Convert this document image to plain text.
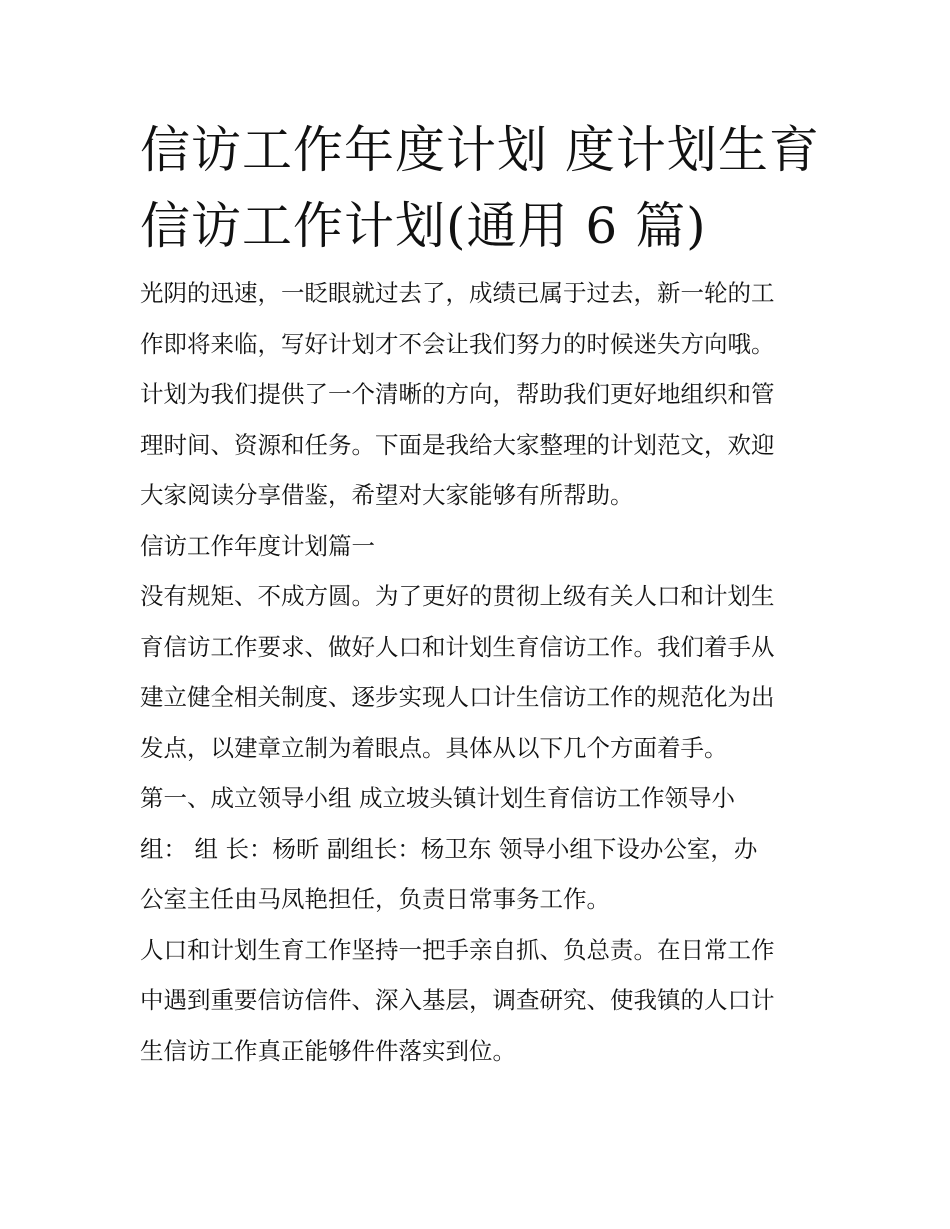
信访工作年度计划 度计划生育
信访工作计划(通用 6 篇)

光阴的迅速，一眨眼就过去了，成绩已属于过去，新一轮的工
作即将来临，写好计划才不会让我们努力的时候迷失方向哦。
计划为我们提供了一个清晰的方向，帮助我们更好地组织和管
理时间、资源和任务。下面是我给大家整理的计划范文，欢迎
大家阅读分享借鉴，希望对大家能够有所帮助。

信访工作年度计划篇一

没有规矩、不成方圆。为了更好的贯彻上级有关人口和计划生
育信访工作要求、做好人口和计划生育信访工作。我们着手从
建立健全相关制度、逐步实现人口计生信访工作的规范化为出
发点，以建章立制为着眼点。具体从以下几个方面着手。

第一、成立领导小组 成立坡头镇计划生育信访工作领导小
组： 组 长：杨昕 副组长：杨卫东 领导小组下设办公室，办
公室主任由马凤艳担任，负责日常事务工作。

人口和计划生育工作坚持一把手亲自抓、负总责。在日常工作
中遇到重要信访信件、深入基层，调查研究、使我镇的人口计
生信访工作真正能够件件落实到位。
